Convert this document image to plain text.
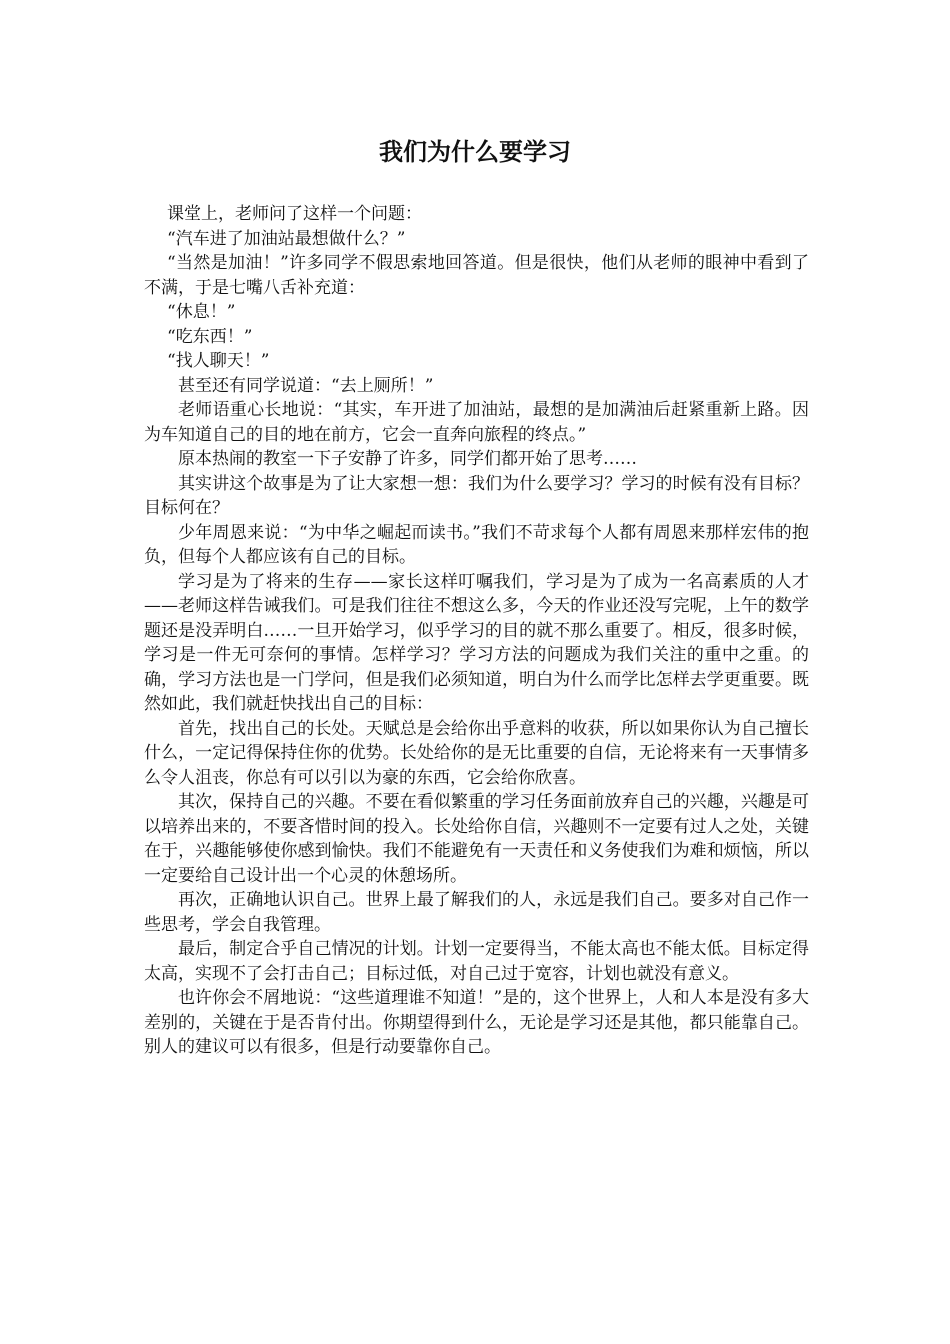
我们为什么要学习

课堂上，老师问了这样一个问题：

“汽车进了加油站最想做什么？”

“当然是加油！”许多同学不假思索地回答道。但是很快，他们从老师的眼神中看到了不满，于是七嘴八舌补充道：

“休息！”

“吃东西！”

“找人聊天！”

甚至还有同学说道：“去上厕所！”

老师语重心长地说：“其实，车开进了加油站，最想的是加满油后赶紧重新上路。因为车知道自己的目的地在前方，它会一直奔向旅程的终点。”

原本热闹的教室一下子安静了许多，同学们都开始了思考……

其实讲这个故事是为了让大家想一想：我们为什么要学习？学习的时候有没有目标？目标何在？

少年周恩来说：“为中华之崛起而读书。”我们不苛求每个人都有周恩来那样宏伟的抱负，但每个人都应该有自己的目标。

学习是为了将来的生存——家长这样叮嘱我们，学习是为了成为一名高素质的人才——老师这样告诫我们。可是我们往往不想这么多，今天的作业还没写完呢，上午的数学题还是没弄明白……一旦开始学习，似乎学习的目的就不那么重要了。相反，很多时候，学习是一件无可奈何的事情。怎样学习？学习方法的问题成为我们关注的重中之重。的确，学习方法也是一门学问，但是我们必须知道，明白为什么而学比怎样去学更重要。既然如此，我们就赶快找出自己的目标：

首先，找出自己的长处。天赋总是会给你出乎意料的收获，所以如果你认为自己擅长什么，一定记得保持住你的优势。长处给你的是无比重要的自信，无论将来有一天事情多么令人沮丧，你总有可以引以为豪的东西，它会给你欣喜。

其次，保持自己的兴趣。不要在看似繁重的学习任务面前放弃自己的兴趣，兴趣是可以培养出来的，不要吝惜时间的投入。长处给你自信，兴趣则不一定要有过人之处，关键在于，兴趣能够使你感到愉快。我们不能避免有一天责任和义务使我们为难和烦恼，所以一定要给自己设计出一个心灵的休憩场所。

再次，正确地认识自己。世界上最了解我们的人，永远是我们自己。要多对自己作一些思考，学会自我管理。

最后，制定合乎自己情况的计划。计划一定要得当，不能太高也不能太低。目标定得太高，实现不了会打击自己；目标过低，对自己过于宽容，计划也就没有意义。

也许你会不屑地说：“这些道理谁不知道！”是的，这个世界上，人和人本是没有多大差别的，关键在于是否肯付出。你期望得到什么，无论是学习还是其他，都只能靠自己。别人的建议可以有很多，但是行动要靠你自己。
